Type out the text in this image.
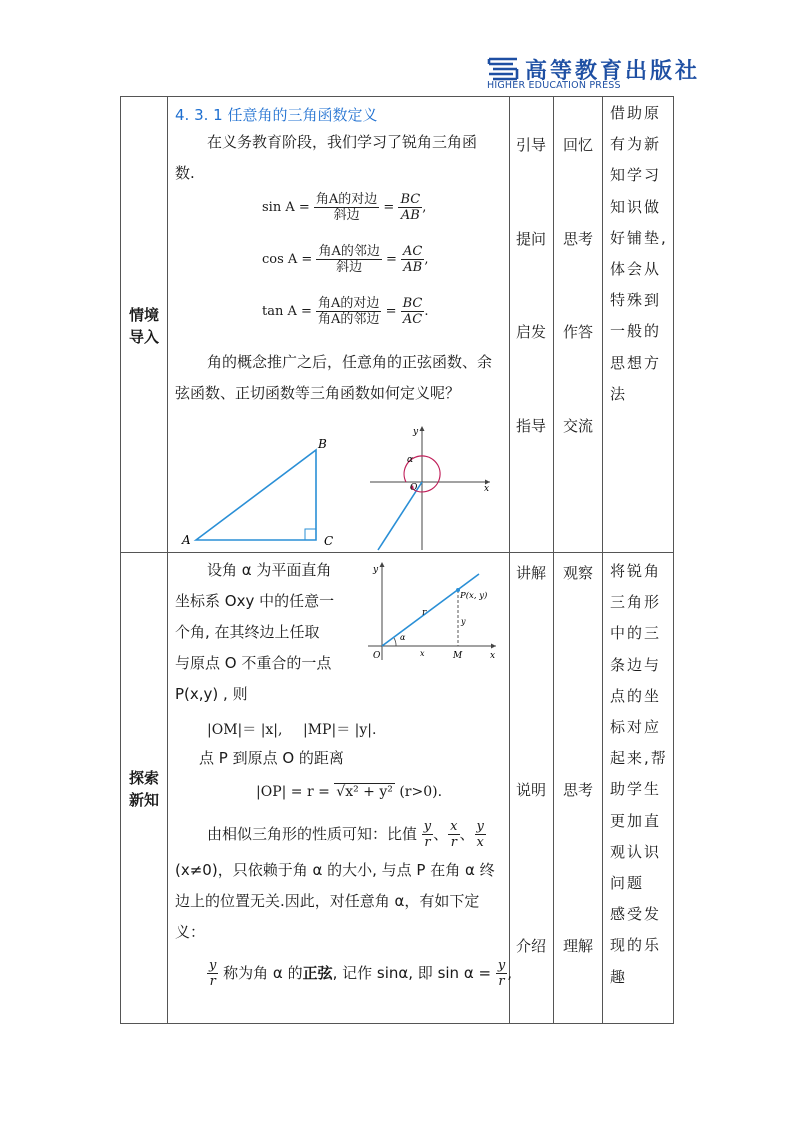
高等教育出版社
HIGHER EDUCATION PRESS
情境
导入
4. 3. 1 任意角的三角函数定义
在义务教育阶段，我们学习了锐角三角函
数.
$\sin A = \frac{\text{角A的对边}}{\text{斜边}} = \frac{BC}{AB}$ ,
$\cos A = \frac{\text{角A的邻边}}{\text{斜边}} = \frac{AC}{AB}$ ,
$\tan A = \frac{\text{角A的对边}}{\text{角A的邻边}} = \frac{BC}{AC}$ .
角的概念推广之后，任意角的正弦函数、余
弦函数、正切函数等三角函数如何定义呢？
A
B
C
y
x
O
α
引导
提问
启发
指导
回忆
思考
作答
交流
借助原
有为新
知学习
知识做
好铺垫,
体会从
特殊到
一般的
思想方
法
探索
新知
设角 α 为平面直角
坐标系 Oxy 中的任意一
个角, 在其终边上任取
与原点 O 不重合的一点
P(x,y) , 则
y
x
O	M
P(x, y)
r
α
x
y
|OM|＝ |x|, |MP|＝ |y|.
点 P 到原点 O 的距离
|OP| = r = √x² + y² (r>0).
由相似三角形的性质可知：比值 $\frac{y}{r}$ 、 $\frac{x}{r}$ 、 $\frac{y}{x}$
(x≠0)，只依赖于角 α 的大小, 与点 P 在角 α 终
边上的位置无关.因此，对任意角 α，有如下定
义：
$\frac{y}{r}$ 称为角 α 的正弦, 记作 sinα, 即 $\sin \alpha = \frac{y}{r}$ ,
讲解
说明
介绍
观察
思考
理解
将锐角
三角形
中的三
条边与
点的坐
标对应
起来,帮
助学生
更加直
观认识
问题
感受发
现的乐
趣
